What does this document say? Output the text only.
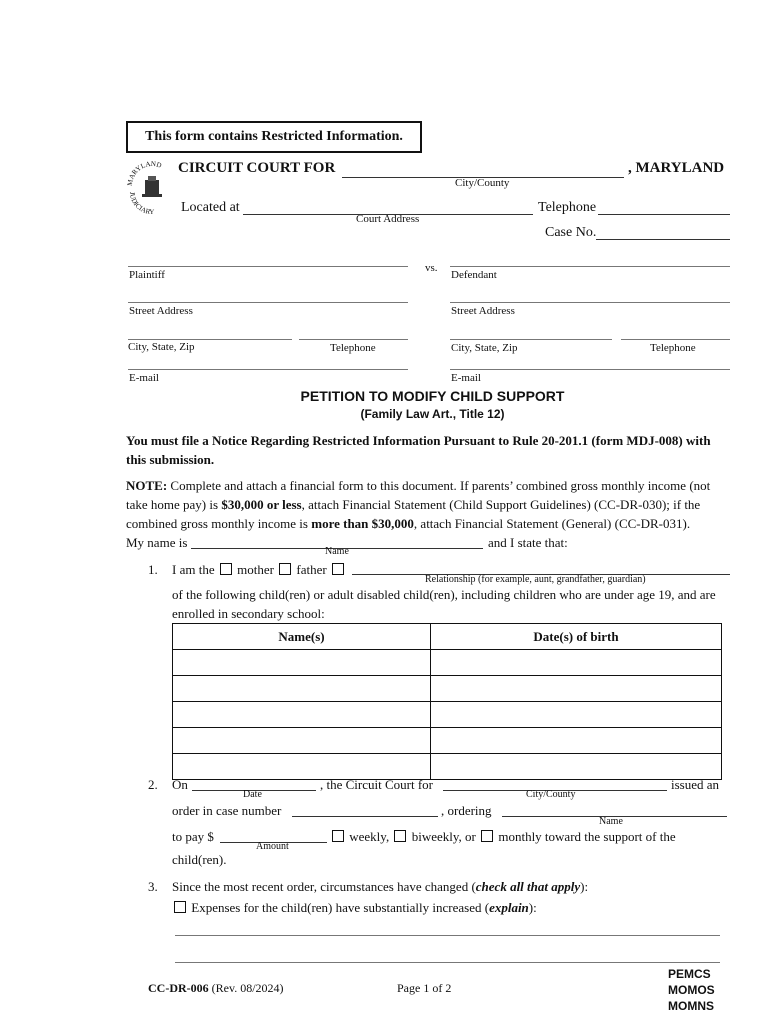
This form contains Restricted Information.
MARYLAND
JUDICIARY
CIRCUIT COURT FOR	, MARYLAND
City/County
Located at
Court Address
Telephone
Case No.
Plaintiff
vs.
Defendant
Street Address	Street Address
City, State, Zip	Telephone	City, State, Zip	Telephone
E-mail	E-mail
PETITION TO MODIFY CHILD SUPPORT
(Family Law Art., Title 12)
You must file a Notice Regarding Restricted Information Pursuant to Rule 20-201.1 (form MDJ-008) with this submission.
NOTE: Complete and attach a financial form to this document. If parents’ combined gross monthly income (not take home pay) is $30,000 or less, attach Financial Statement (Child Support Guidelines) (CC-DR-030); if the combined gross monthly income is more than $30,000, attach Financial Statement (General) (CC-DR-031).
My name is
Name
and I state that:
1. I am the mother father
Relationship (for example, aunt, grandfather, guardian)
of the following child(ren) or adult disabled child(ren), including children who are under age 19, and are enrolled in secondary school:
Name(s)	Date(s) of birth

2. On
Date
, the Circuit Court for
City/County
issued an
order in case number	, ordering
Name
to pay $
Amount
weekly, biweekly, or monthly toward the support of the
child(ren).
3. Since the most recent order, circumstances have changed (check all that apply):
Expenses for the child(ren) have substantially increased (explain):
CC-DR-006 (Rev. 08/2024)	Page 1 of 2
PEMCS
MOMOS
MOMNS
